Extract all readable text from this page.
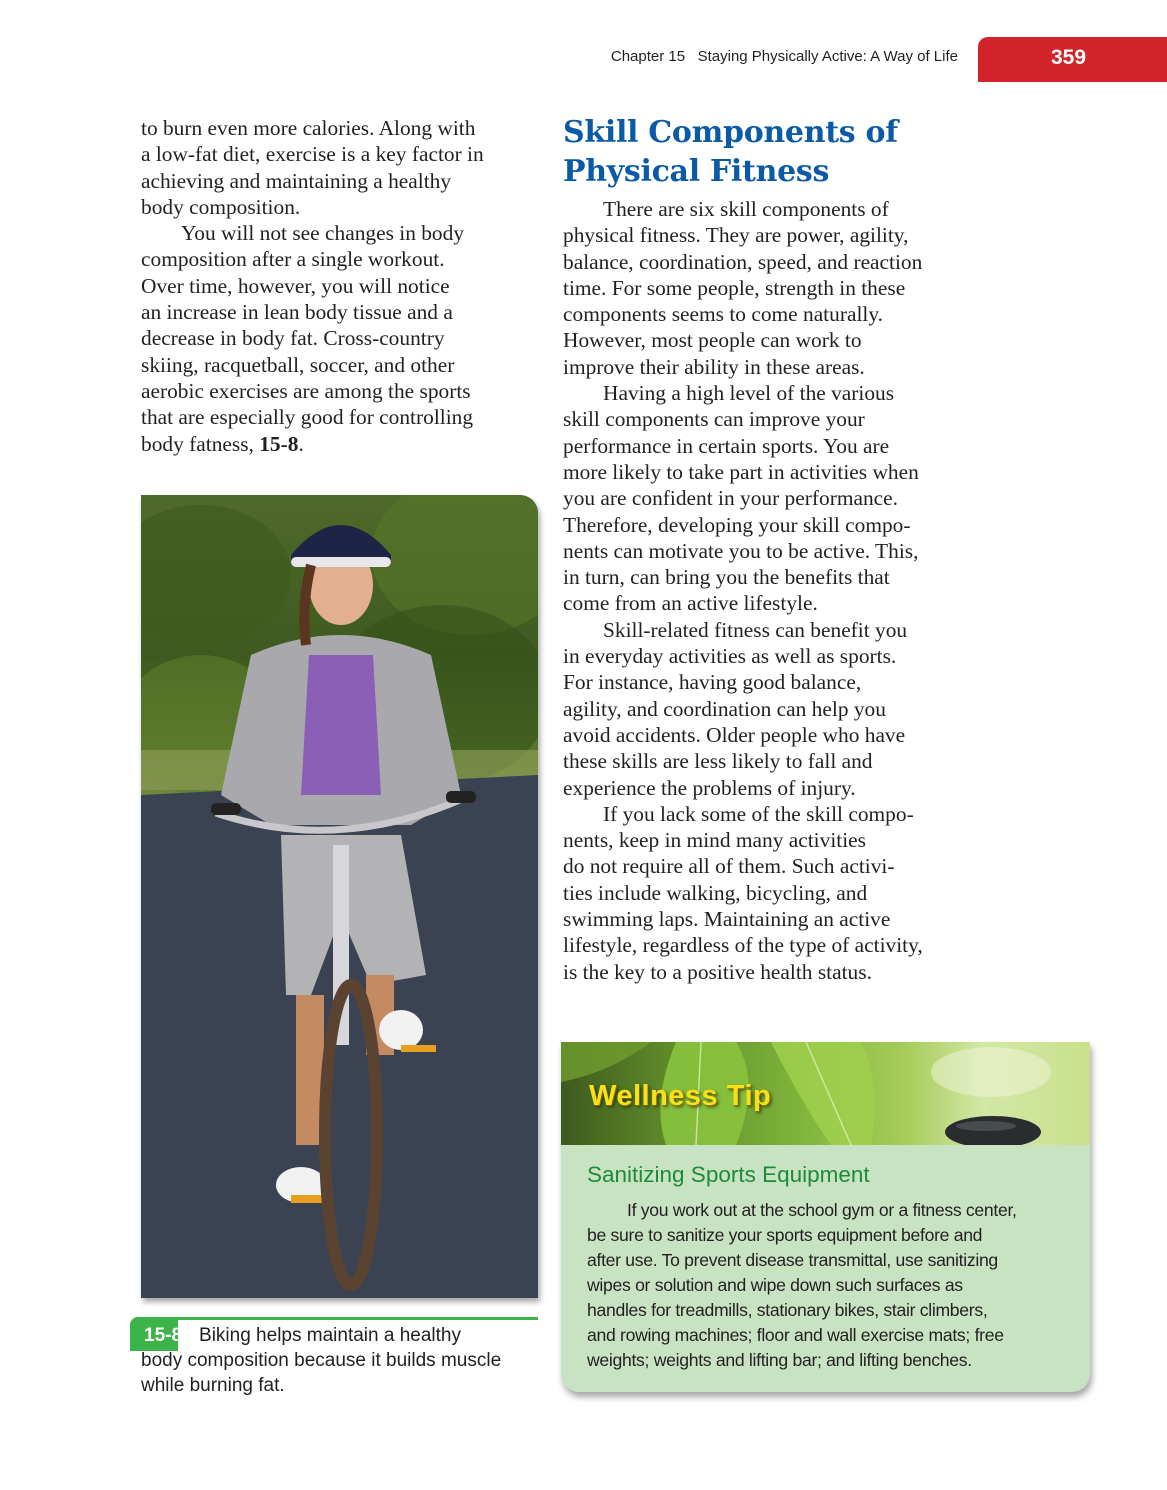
Chapter 15   Staying Physically Active: A Way of Life	359

to burn even more calories. Along with
a low-fat diet, exercise is a key factor in
achieving and maintaining a healthy
body composition.

You will not see changes in body
composition after a single workout.
Over time, however, you will notice
an increase in lean body tissue and a
decrease in body fat. Cross-country
skiing, racquetball, soccer, and other
aerobic exercises are among the sports
that are especially good for controlling
body fatness, 15-8.

15-8 Biking helps maintain a healthy
body composition because it builds muscle while burning fat.
Skill Components of Physical Fitness

There are six skill components of
physical fitness. They are power, agility,
balance, coordination, speed, and reaction
time. For some people, strength in these
components seems to come naturally.
However, most people can work to
improve their ability in these areas.

Having a high level of the various
skill components can improve your
performance in certain sports. You are
more likely to take part in activities when
you are confident in your performance.
Therefore, developing your skill compo-
nents can motivate you to be active. This,
in turn, can bring you the benefits that
come from an active lifestyle.

Skill-related fitness can benefit you
in everyday activities as well as sports.
For instance, having good balance,
agility, and coordination can help you
avoid accidents. Older people who have
these skills are less likely to fall and
experience the problems of injury.

If you lack some of the skill compo-
nents, keep in mind many activities
do not require all of them. Such activi-
ties include walking, bicycling, and
swimming laps. Maintaining an active
lifestyle, regardless of the type of activity,
is the key to a positive health status.

Wellness Tip
Sanitizing Sports Equipment

If you work out at the school gym or a fitness center,
be sure to sanitize your sports equipment before and
after use. To prevent disease transmittal, use sanitizing
wipes or solution and wipe down such surfaces as
handles for treadmills, stationary bikes, stair climbers,
and rowing machines; floor and wall exercise mats; free
weights; weights and lifting bar; and lifting benches.
